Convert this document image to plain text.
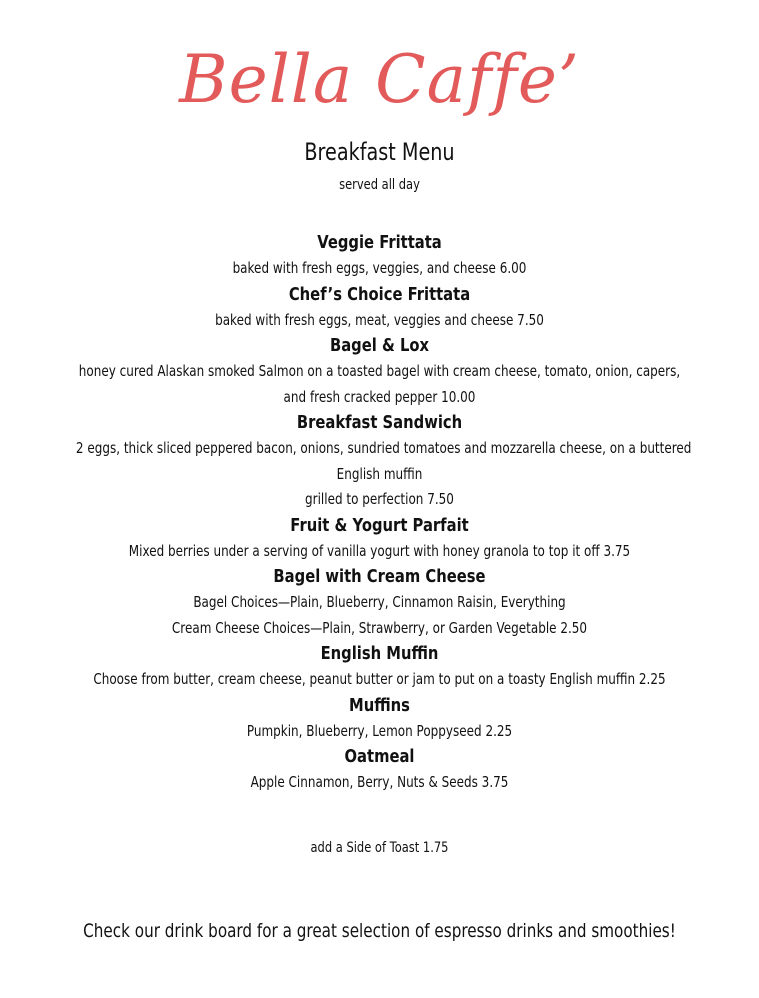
Bella Caffe’
Breakfast Menu
served all day
Veggie Frittata
baked with fresh eggs, veggies, and cheese 6.00
Chef’s Choice Frittata
baked with fresh eggs, meat, veggies and cheese 7.50
Bagel & Lox
honey cured Alaskan smoked Salmon on a toasted bagel with cream cheese, tomato, onion, capers,
and fresh cracked pepper 10.00
Breakfast Sandwich
2 eggs, thick sliced peppered bacon, onions, sundried tomatoes and mozzarella cheese, on a buttered
English muffin
grilled to perfection 7.50
Fruit & Yogurt Parfait
Mixed berries under a serving of vanilla yogurt with honey granola to top it off 3.75
Bagel with Cream Cheese
Bagel Choices—Plain, Blueberry, Cinnamon Raisin, Everything
Cream Cheese Choices—Plain, Strawberry, or Garden Vegetable 2.50
English Muffin
Choose from butter, cream cheese, peanut butter or jam to put on a toasty English muffin 2.25
Muffins
Pumpkin, Blueberry, Lemon Poppyseed 2.25
Oatmeal
Apple Cinnamon, Berry, Nuts & Seeds 3.75
add a Side of Toast 1.75
Check our drink board for a great selection of espresso drinks and smoothies!
